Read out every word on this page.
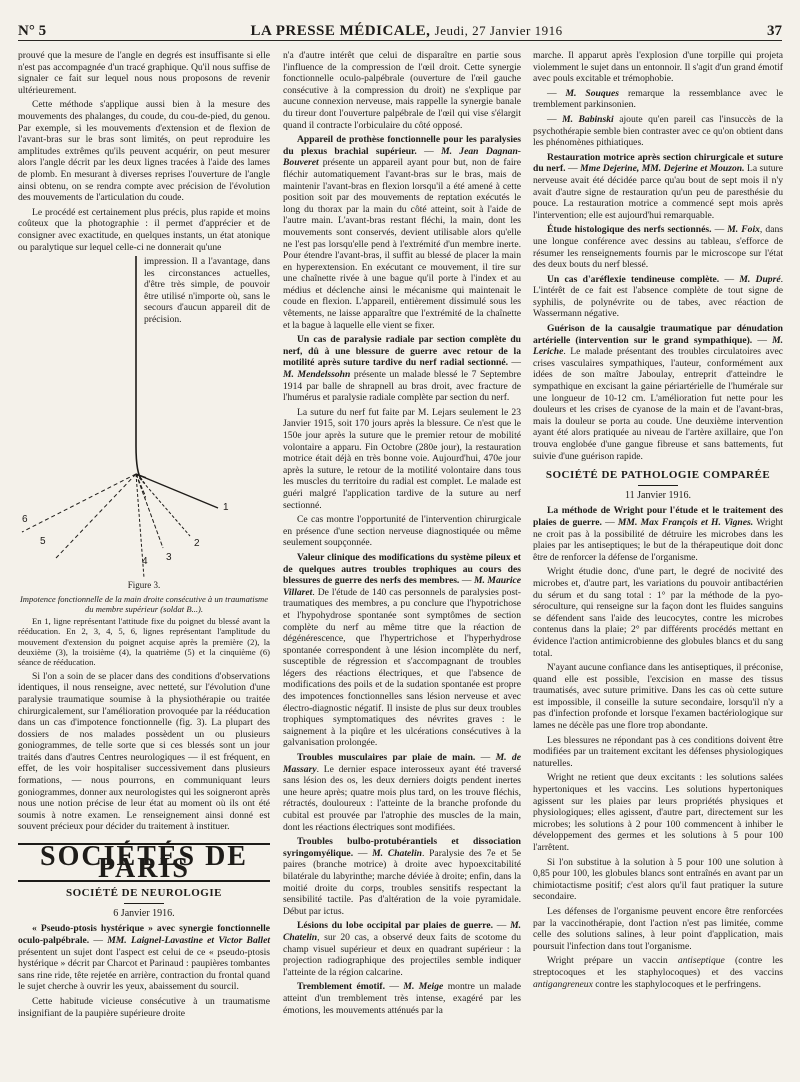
N° 5	LA PRESSE MÉDICALE, Jeudi, 27 Janvier 1916	37

prouvé que la mesure de l'angle en degrés est insuffisante si elle n'est pas accompagnée d'un tracé graphique. Qu'il nous suffise de signaler ce fait sur lequel nous nous proposons de revenir ultérieurement.

Cette méthode s'applique aussi bien à la mesure des mouvements des phalanges, du coude, du cou-de-pied, du genou. Par exemple, si les mouvements d'extension et de flexion de l'avant-bras sur le bras sont limités, on peut reproduire les amplitudes extrêmes qu'ils peuvent acquérir, on peut mesurer alors l'angle décrit par les deux lignes tracées à l'aide des lames de plomb. En mesurant à diverses reprises l'ouverture de l'angle ainsi obtenu, on se rendra compte avec précision de l'évolution des mouvements de l'articulation du coude.

Le procédé est certainement plus précis, plus rapide et moins coûteux que la photographie : il permet d'apprécier et de consigner avec exactitude, en quelques instants, un état atonique ou paralytique sur lequel celle-ci ne donnerait qu'une

1
2
3
4
5
6

impression. Il a l'avantage, dans les circonstances actuelles, d'être très simple, de pouvoir être utilisé n'importe où, sans le secours d'aucun appareil dit de précision.

Figure 3.
Impotence fonctionnelle de la main droite consécutive à un traumatisme du membre supérieur (soldat B...).

En 1, ligne représentant l'attitude fixe du poignet du blessé avant la rééducation. En 2, 3, 4, 5, 6, lignes représentant l'amplitude du mouvement d'extension du poignet acquise après la première (2), la deuxième (3), la troisième (4), la quatrième (5) et la cinquième (6) séance de rééducation.

Si l'on a soin de se placer dans des conditions d'observations identiques, il nous renseigne, avec netteté, sur l'évolution d'une paralysie traumatique soumise à la physiothérapie ou traitée chirurgicalement, sur l'amélioration provoquée par la rééducation dans un cas d'impotence fonctionnelle (fig. 3). La plupart des dossiers de nos malades possèdent un ou plusieurs goniogrammes, de telle sorte que si ces blessés sont un jour traités dans d'autres Centres neurologiques — il est fréquent, en effet, de les voir hospitaliser successivement dans plusieurs formations, — nous pourrons, en communiquant leurs goniogrammes, donner aux neurologistes qui les soigneront après nous une notion précise de leur état au moment où ils ont été soumis à notre examen. Le renseignement ainsi donné est souvent précieux pour décider du traitement à instituer.

SOCIÉTÉS DE PARIS
SOCIÉTÉ DE NEUROLOGIE
6 Janvier 1916.

« Pseudo-ptosis hystérique » avec synergie fonctionnelle oculo-palpébrale. — MM. Laignel-Lavastine et Victor Ballet présentent un sujet dont l'aspect est celui de ce « pseudo-ptosis hystérique » décrit par Charcot et Parinaud : paupières tombantes sans rine ride, tête rejetée en arrière, contraction du frontal quand le sujet cherche à ouvrir les yeux, abaissement du sourcil.

Cette habitude vicieuse consécutive à un traumatisme insignifiant de la paupière supérieure droite

n'a d'autre intérêt que celui de disparaître en partie sous l'influence de la compression de l'œil droit. Cette synergie fonctionnelle oculo-palpébrale (ouverture de l'œil gauche consécutive à la compression du droit) ne s'explique par aucune connexion nerveuse, mais rappelle la synergie banale du tireur dont l'ouverture palpébrale de l'œil qui vise s'élargit quand il contracte l'orbiculaire du côté opposé.

Appareil de prothèse fonctionnelle pour les paralysies du plexus brachial supérieur. — M. Jean Dagnan-Bouveret présente un appareil ayant pour but, non de faire fléchir automatiquement l'avant-bras sur le bras, mais de maintenir l'avant-bras en flexion lorsqu'il a été amené à cette position soit par des mouvements de reptation exécutés le long du thorax par la main du côté atteint, soit à l'aide de l'autre main. L'avant-bras restant fléchi, la main, dont les mouvements sont conservés, devient utilisable alors qu'elle ne l'est pas lorsqu'elle pend à l'extrémité d'un membre inerte. Pour étendre l'avant-bras, il suffit au blessé de placer la main en hyperextension. En exécutant ce mouvement, il tire sur une chaînette rivée à une bague qu'il porte à l'index et au médius et déclenche ainsi le mécanisme qui maintenait le coude en flexion. L'appareil, entièrement dissimulé sous les vêtements, ne laisse apparaître que l'extrémité de la chaînette et la bague à laquelle elle vient se fixer.

Un cas de paralysie radiale par section complète du nerf, dû à une blessure de guerre avec retour de la motilité après suture tardive du nerf radial sectionné. — M. Mendelssohn présente un malade blessé le 7 Septembre 1914 par balle de shrapnell au bras droit, avec fracture de l'humérus et paralysie radiale complète par section du nerf.

La suture du nerf fut faite par M. Lejars seulement le 23 Janvier 1915, soit 170 jours après la blessure. Ce n'est que le 150e jour après la suture que le premier retour de mobilité volontaire a apparu. Fin Octobre (280e jour), la restauration motrice était déjà en très bonne voie. Aujourd'hui, 470e jour après la suture, le retour de la motilité volontaire dans tous les muscles du territoire du radial est complet. Le malade est guéri malgré l'application tardive de la suture au nerf sectionné.

Ce cas montre l'opportunité de l'intervention chirurgicale en présence d'une section nerveuse diagnostiquée ou même seulement soupçonnée.

Valeur clinique des modifications du système pileux et de quelques autres troubles trophiques au cours des blessures de guerre des nerfs des membres. — M. Maurice Villaret. De l'étude de 140 cas personnels de paralysies post-traumatiques des membres, a pu conclure que l'hypotrichose et l'hypohydrose spontanée sont symptômes de section complète du nerf au même titre que la réaction de dégénérescence, que l'hypertrichose et l'hyperhydrose spontanée correspondent à une lésion incomplète du nerf, susceptible de régression et s'accompagnant de troubles légers des réactions électriques, et que l'absence de modifications des poils et de la sudation spontanée est propre des impotences fonctionnelles sans lésion nerveuse et avec électro-diagnostic négatif. Il insiste de plus sur deux troubles trophiques symptomatiques des névrites graves : le saignement à la piqûre et les ulcérations consécutives à la galvanisation prolongée.

Troubles musculaires par plaie de main. — M. de Massary. Le dernier espace interosseux ayant été traversé sans lésion des os, les deux derniers doigts pendent inertes une heure après; quatre mois plus tard, on les trouve fléchis, rétractés, douloureux : l'atteinte de la branche profonde du cubital est prouvée par l'atrophie des muscles de la main, dont les réactions électriques sont modifiées.

Troubles bulbo-protubérantiels et dissociation syringomyélique. — M. Chatelin. Paralysie des 7e et 5e paires (branche motrice) à droite avec hypoexcitabilité bilatérale du labyrinthe; marche déviée à droite; enfin, dans la moitié droite du corps, troubles sensitifs respectant la sensibilité tactile. Pas d'altération de la voie pyramidale. Début par ictus.

Lésions du lobe occipital par plaies de guerre. — M. Chatelin, sur 20 cas, a observé deux faits de scotome du champ visuel supérieur et deux en quadrant supérieur : la projection radiographique des projectiles semble indiquer l'atteinte de la région calcarine.

Tremblement émotif. — M. Meige montre un malade atteint d'un tremblement très intense, exagéré par les émotions, les mouvements atténués par la

marche. Il apparut après l'explosion d'une torpille qui projeta violemment le sujet dans un entonnoir. Il s'agit d'un grand émotif avec pouls excitable et trémophobie.

— M. Souques remarque la ressemblance avec le tremblement parkinsonien.

— M. Babinski ajoute qu'en pareil cas l'insuccès de la psychothérapie semble bien contraster avec ce qu'on obtient dans les phénomènes pithiatiques.

Restauration motrice après section chirurgicale et suture du nerf. — Mme Dejerine, MM. Dejerine et Mouzon. La suture nerveuse avait été décidée parce qu'au bout de sept mois il n'y avait d'autre signe de restauration qu'un peu de paresthésie du pouce. La restauration motrice a commencé sept mois après l'intervention; elle est aujourd'hui remarquable.

Étude histologique des nerfs sectionnés. — M. Foix, dans une longue conférence avec dessins au tableau, s'efforce de résumer les renseignements fournis par le microscope sur l'état des deux bouts du nerf blessé.

Un cas d'aréflexie tendineuse complète. — M. Dupré. L'intérêt de ce fait est l'absence complète de tout signe de syphilis, de polynévrite ou de tabes, avec réaction de Wassermann négative.

Guérison de la causalgie traumatique par dénudation artérielle (intervention sur le grand sympathique). — M. Leriche. Le malade présentant des troubles circulatoires avec crises vasculaires sympathiques, l'auteur, conformément aux idées de son maître Jaboulay, entreprit d'atteindre le sympathique en excisant la gaine périartérielle de l'humérale sur une longueur de 10-12 cm. L'amélioration fut nette pour les douleurs et les crises de cyanose de la main et de l'avant-bras, mais la douleur se porta au coude. Une deuxième intervention ayant été alors pratiquée au niveau de l'artère axillaire, que l'on trouva englobée d'une gangue fibreuse et sans battements, fut suivie d'une guérison rapide.

SOCIÉTÉ DE PATHOLOGIE COMPARÉE
11 Janvier 1916.

La méthode de Wright pour l'étude et le traitement des plaies de guerre. — MM. Max François et H. Vignes. Wright ne croit pas à la possibilité de détruire les microbes dans les plaies par les antiseptiques; le but de la thérapeutique doit donc être de renforcer la défense de l'organisme.

Wright étudie donc, d'une part, le degré de nocivité des microbes et, d'autre part, les variations du pouvoir antibactérien du sérum et du sang total : 1° par la méthode de la pyo-séroculture, qui renseigne sur la façon dont les fluides sanguins se défendent sans l'aide des leucocytes, contre les microbes contenus dans la plaie; 2° par différents procédés mettant en évidence l'action antimicrobienne des globules blancs et du sang total.

N'ayant aucune confiance dans les antiseptiques, il préconise, quand elle est possible, l'excision en masse des tissus traumatisés, avec suture primitive. Dans les cas où cette suture est impossible, il conseille la suture secondaire, lorsqu'il n'y a pas d'infection profonde et lorsque l'examen bactériologique sur lames ne décèle pas une flore trop abondante.

Les blessures ne répondant pas à ces conditions doivent être modifiées par un traitement excitant les défenses physiologiques naturelles.

Wright ne retient que deux excitants : les solutions salées hypertoniques et les vaccins. Les solutions hypertoniques agissent sur les plaies par leurs propriétés physiques et physiologiques; elles agissent, d'autre part, directement sur les microbes; les solutions à 2 pour 100 commencent à inhiber le développement des germes et les solutions à 5 pour 100 l'arrêtent.

Si l'on substitue à la solution à 5 pour 100 une solution à 0,85 pour 100, les globules blancs sont entraînés en avant par un chimiotactisme positif; c'est alors qu'il faut pratiquer la suture secondaire.

Les défenses de l'organisme peuvent encore être renforcées par la vaccinothérapie, dont l'action n'est pas limitée, comme celle des solutions salines, à leur point d'application, mais poursuit l'infection dans tout l'organisme.

Wright prépare un vaccin antiseptique (contre les streptocoques et les staphylocoques) et des vaccins antigangreneux contre les staphylocoques et le perfringens.
